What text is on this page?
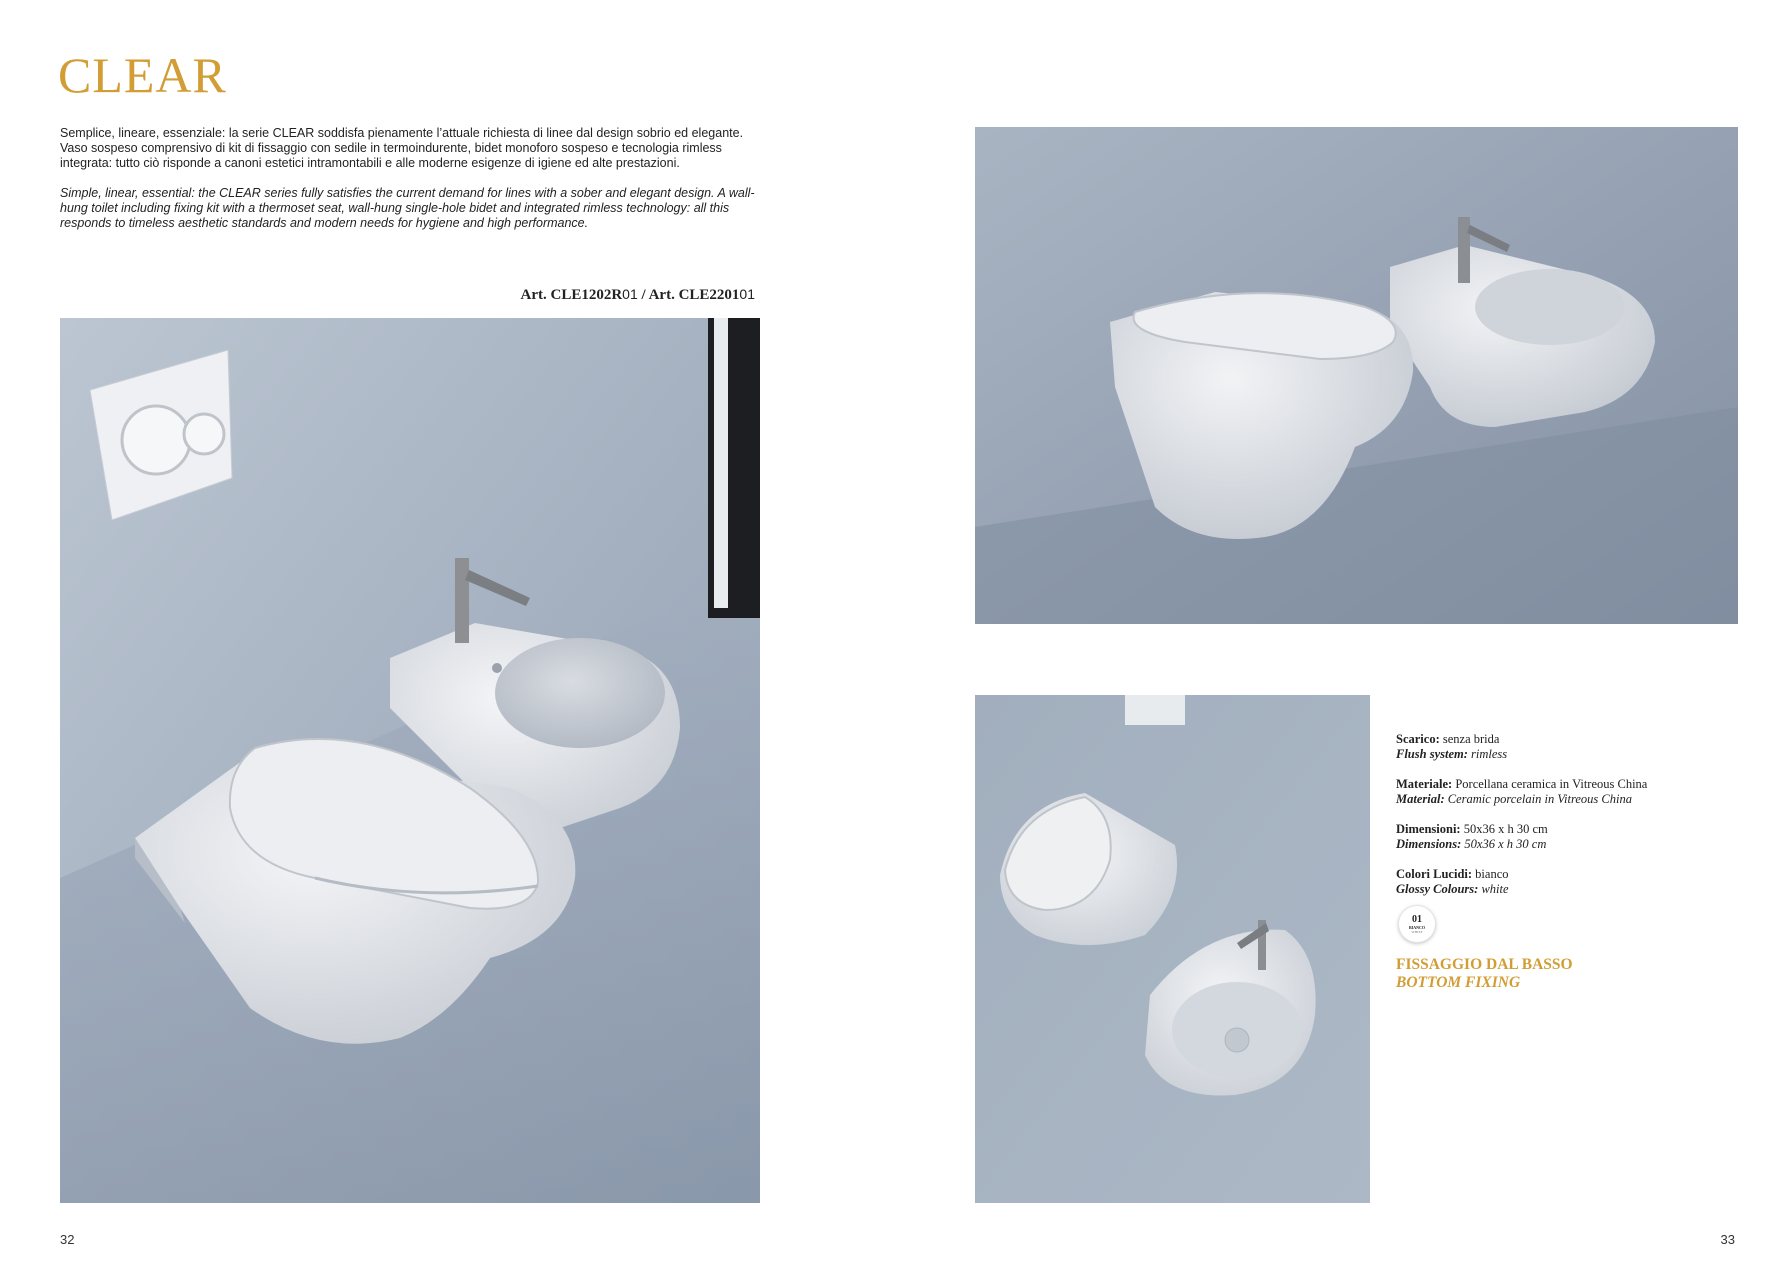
CLEAR
Semplice, lineare, essenziale: la serie CLEAR soddisfa pienamente l’attuale richiesta di linee dal design sobrio ed elegante. Vaso sospeso comprensivo di kit di fissaggio con sedile in termoindurente, bidet monoforo sospeso e tecnologia rimless integrata: tutto ciò risponde a canoni estetici intramontabili e alle moderne esigenze di igiene ed alte prestazioni.
Simple, linear, essential: the CLEAR series fully satisfies the current demand for lines with a sober and elegant design. A wall-hung toilet including fixing kit with a thermoset seat, wall-hung single-hole bidet and integrated rimless technology: all this responds to timeless aesthetic standards and modern needs for hygiene and high performance.
Art. CLE1202R01 / Art. CLE220101
Scarico: senza brida
Flush system: rimless
Materiale: Porcellana ceramica in Vitreous China
Material: Ceramic porcelain in Vitreous China
Dimensioni: 50x36 x h 30 cm
Dimensions: 50x36 x h 30 cm
Colori Lucidi: bianco
Glossy Colours: white
01
BIANCO
WHITE
FISSAGGIO DAL BASSO
BOTTOM FIXING
32	33
